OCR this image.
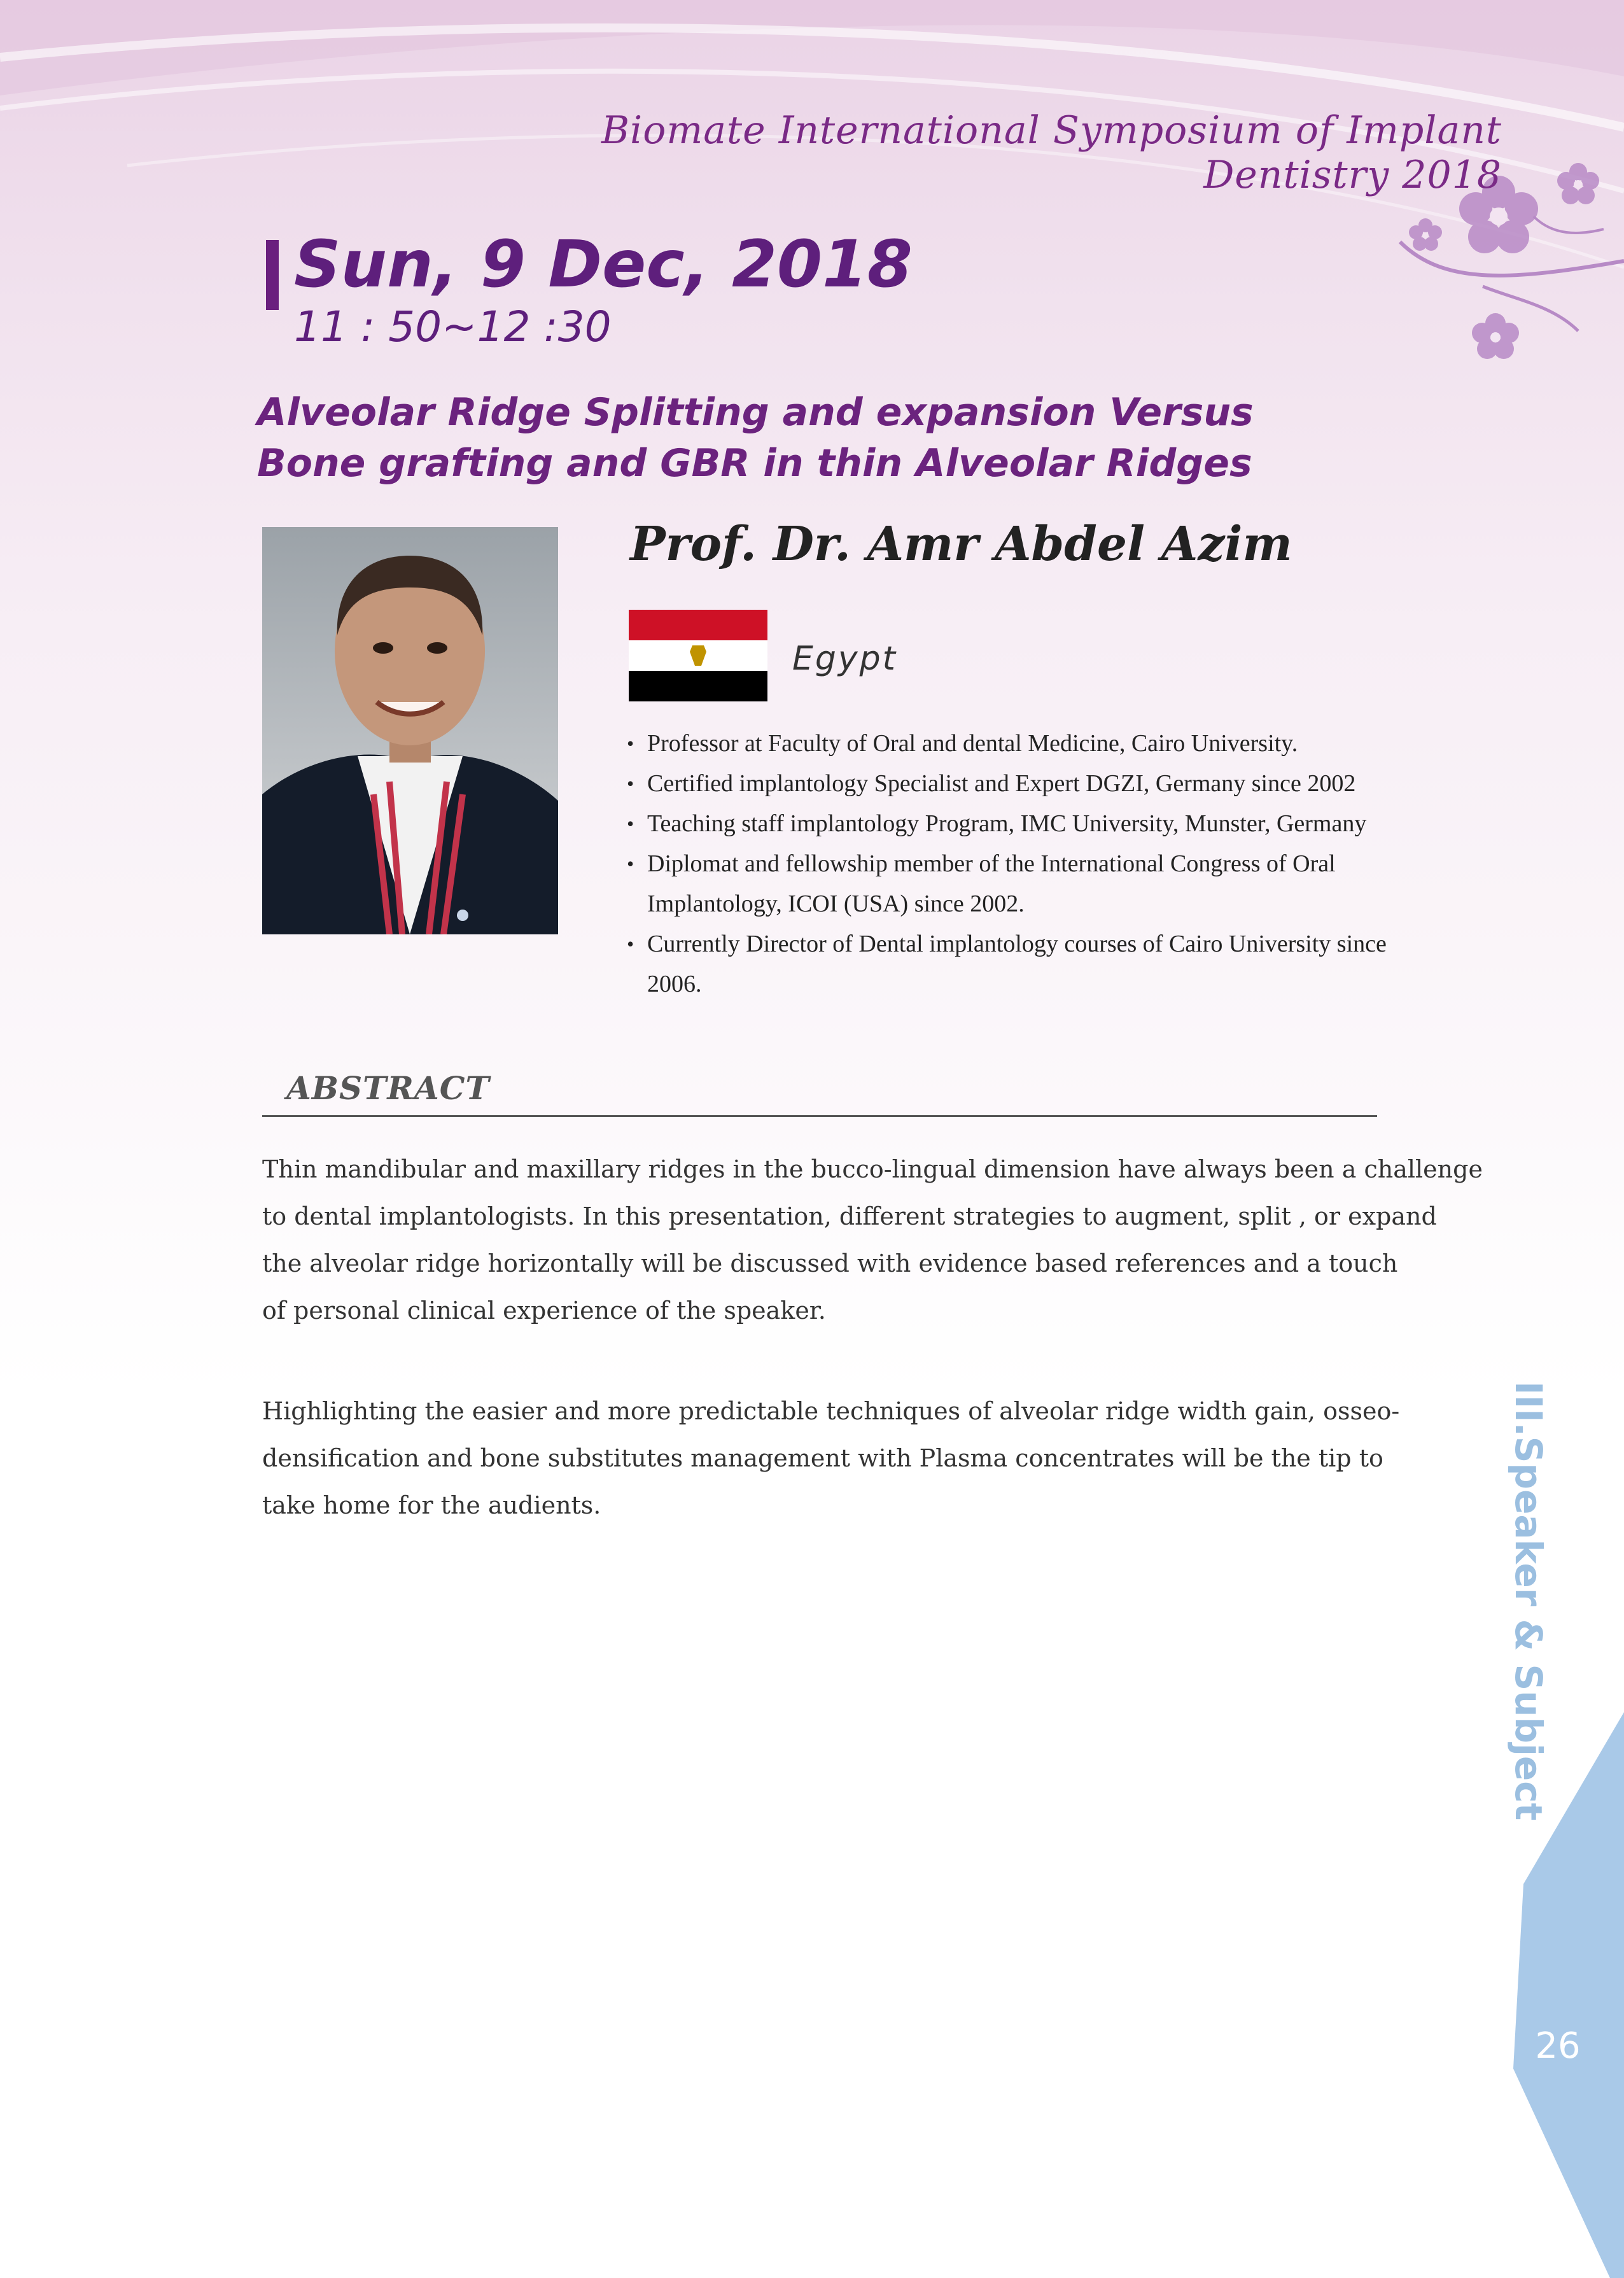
Biomate International Symposium of Implant Dentistry 2018
Sun, 9 Dec, 2018
11 : 50~12 :30
Alveolar Ridge Splitting and expansion Versus
Bone grafting and GBR in thin Alveolar Ridges
Prof. Dr. Amr Abdel Azim
Egypt
• Professor at Faculty of Oral and dental Medicine, Cairo University.
• Certified implantology Specialist and Expert DGZI, Germany since 2002
• Teaching staff implantology Program, IMC University, Munster, Germany
• Diplomat and fellowship member of the International Congress of Oral Implantology, ICOI (USA) since 2002.
• Currently Director of Dental implantology courses of Cairo University since 2006.
ABSTRACT
Thin mandibular and maxillary ridges in the bucco-lingual dimension have always been a challenge
to dental implantologists. In this presentation, different strategies to augment, split , or expand
the alveolar ridge horizontally will be discussed with evidence based references and a touch
of personal clinical experience of the speaker.
Highlighting the easier and more predictable techniques of alveolar ridge width gain, osseo-
densification and bone substitutes management with Plasma concentrates will be the tip to
take home for the audients.	III.Speaker & Subject
26
